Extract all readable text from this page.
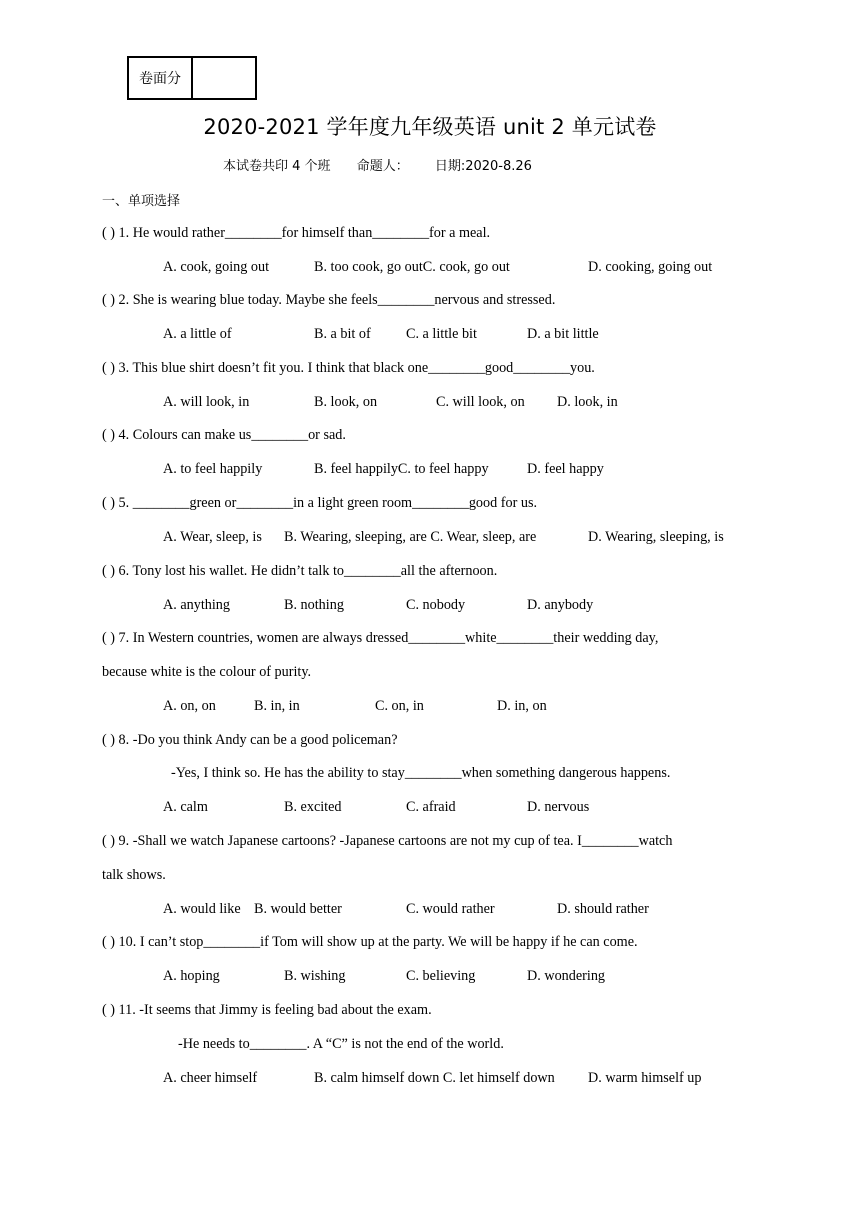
卷面分
2020-2021 学年度九年级英语 unit 2 单元试卷
本试卷共印 4 个班 命题人： 日期:2020-8.26
一、单项选择
( ) 1. He would rather________for himself than________for a meal.
A. cook, going out	B. too cook, go outC. cook, go out	D. cooking, going out
( ) 2. She is wearing blue today. Maybe she feels________nervous and stressed.
A. a little of	B. a bit of C. a little bit	D. a bit little
( ) 3. This blue shirt doesn’t fit you. I think that black one________good________you.
A. will look, in	B. look, on	C. will look, on D. look, in
( ) 4. Colours can make us________or sad.
A. to feel happily	B. feel happilyC. to feel happy	D. feel happy
( ) 5. ________green or________in a light green room________good for us.
A. Wear, sleep, is B. Wearing, sleeping, are C. Wear, sleep, are	D. Wearing, sleeping, is
( ) 6. Tony lost his wallet. He didn’t talk to________all the afternoon.
A. anything	B. nothing	C. nobody	D. anybody
( ) 7. In Western countries, women are always dressed________white________their wedding day,
because white is the colour of purity.
A. on, on	B. in, in	C. on, in	D. in, on
( ) 8. -Do you think Andy can be a good policeman?
-Yes, I think so. He has the ability to stay________when something dangerous happens.
A. calm	B. excited	C. afraid	D. nervous
( ) 9. -Shall we watch Japanese cartoons? -Japanese cartoons are not my cup of tea. I________watch
talk shows.
A. would like B. would better	C. would rather	D. should rather
( ) 10. I can’t stop________if Tom will show up at the party. We will be happy if he can come.
A. hoping	B. wishing	C. believing	D. wondering
( ) 11. -It seems that Jimmy is feeling bad about the exam.
-He needs to________. A “C” is not the end of the world.
A. cheer himself	B. calm himself down C. let himself down D. warm himself up
